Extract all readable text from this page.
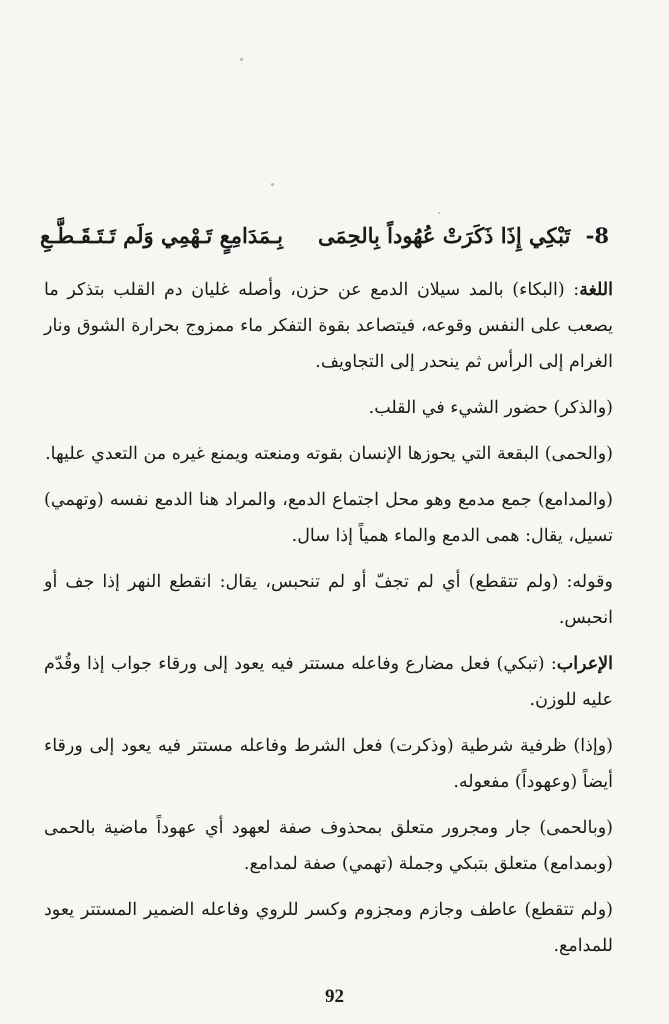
8- تَبْكِي إِذَا ذَكَرَتْ عُهُوداً بِالحِمَى
بِـمَدَامِعٍ تَـهْمِي وَلَم تَـتَـقَـطَّـعِ

اللغة: (البكاء) بالمد سيلان الدمع عن حزن، وأصله غليان دم القلب بتذكر ما يصعب على النفس وقوعه، فيتصاعد بقوة التفكر ماء ممزوج بحرارة الشوق ونار الغرام إلى الرأس ثم ينحدر إلى التجاويف.

(والذكر) حضور الشيء في القلب.

(والحمى) البقعة التي يحوزها الإنسان بقوته ومنعته ويمنع غيره من التعدي عليها.

(والمدامع) جمع مدمع وهو محل اجتماع الدمع، والمراد هنا الدمع نفسه (وتهمي) تسيل، يقال: همى الدمع والماء همياً إذا سال.

وقوله: (ولم تتقطع) أي لم تجفّ أو لم تنحبس، يقال: انقطع النهر إذا جف أو انحبس.

الإعراب: (تبكي) فعل مضارع وفاعله مستتر فيه يعود إلى ورقاء جواب إذا وقُدّم عليه للوزن.

(وإذا) ظرفية شرطية (وذكرت) فعل الشرط وفاعله مستتر فيه يعود إلى ورقاء أيضاً (وعهوداً) مفعوله.

(وبالحمى) جار ومجرور متعلق بمحذوف صفة لعهود أي عهوداً ماضية بالحمى (وبمدامع) متعلق بتبكي وجملة (تهمي) صفة لمدامع.

(ولم تتقطع) عاطف وجازم ومجزوم وكسر للروي وفاعله الضمير المستتر يعود للمدامع.

92
